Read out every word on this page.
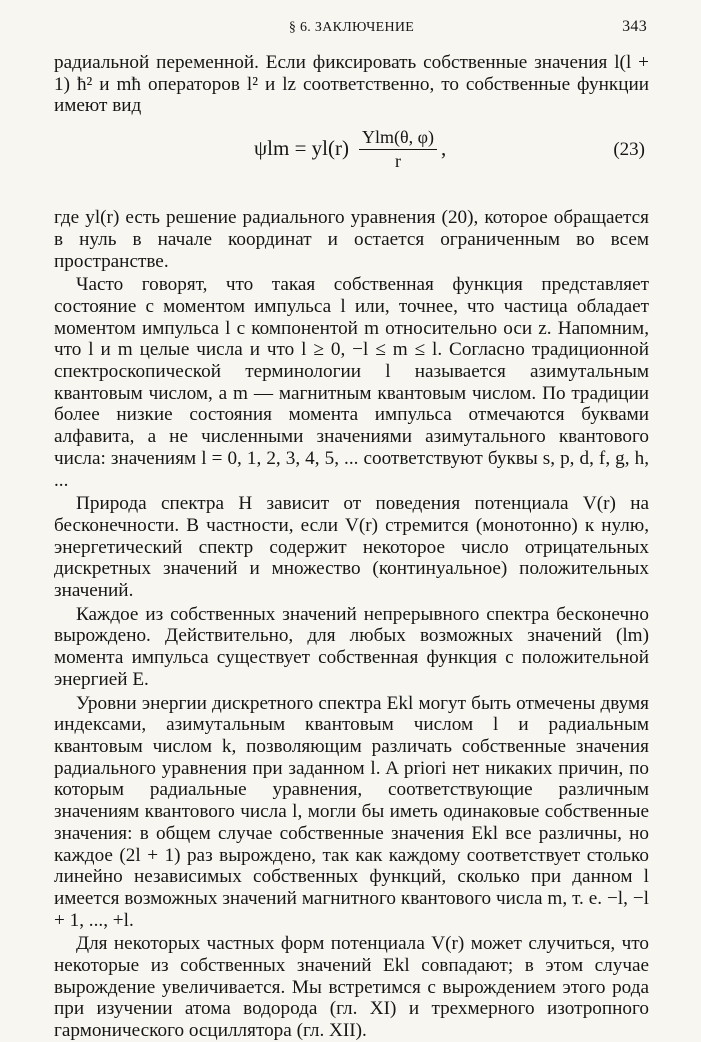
§ 6. ЗАКЛЮЧЕНИЕ	343

радиальной переменной. Если фиксировать собственные значения l(l + 1) ħ² и mħ операторов l² и lz соответственно, то собственные функции имеют вид

$\psi lm = yl(r) \frac{\text{Ylm(θ, φ)}}{r}$ ,	(23)

где yl(r) есть решение радиального уравнения (20), которое обращается в нуль в начале координат и остается ограниченным во всем пространстве.

Часто говорят, что такая собственная функция представляет состояние с моментом импульса l или, точнее, что частица обладает моментом импульса l с компонентой m относительно оси z. Напомним, что l и m целые числа и что l ≥ 0, −l ≤ m ≤ l. Согласно традиционной спектроскопической терминологии l называется азимутальным квантовым числом, а m — магнитным квантовым числом. По традиции более низкие состояния момента импульса отмечаются буквами алфавита, а не численными значениями азимутального квантового числа: значениям l = 0, 1, 2, 3, 4, 5, ... соответствуют буквы s, p, d, f, g, h, ...

Природа спектра H зависит от поведения потенциала V(r) на бесконечности. В частности, если V(r) стремится (монотонно) к нулю, энергетический спектр содержит некоторое число отрицательных дискретных значений и множество (континуальное) положительных значений.

Каждое из собственных значений непрерывного спектра бесконечно вырождено. Действительно, для любых возможных значений (lm) момента импульса существует собственная функция с положительной энергией E.

Уровни энергии дискретного спектра Ekl могут быть отмечены двумя индексами, азимутальным квантовым числом l и радиальным квантовым числом k, позволяющим различать собственные значения радиального уравнения при заданном l. A priori нет никаких причин, по которым радиальные уравнения, соответствующие различным значениям квантового числа l, могли бы иметь одинаковые собственные значения: в общем случае собственные значения Ekl все различны, но каждое (2l + 1) раз вырождено, так как каждому соответствует столько линейно независимых собственных функций, сколько при данном l имеется возможных значений магнитного квантового числа m, т. е. −l, −l + 1, ..., +l.

Для некоторых частных форм потенциала V(r) может случиться, что некоторые из собственных значений Ekl совпадают; в этом случае вырождение увеличивается. Мы встретимся с вырождением этого рода при изучении атома водорода (гл. XI) и трехмерного изотропного гармонического осциллятора (гл. XII).
